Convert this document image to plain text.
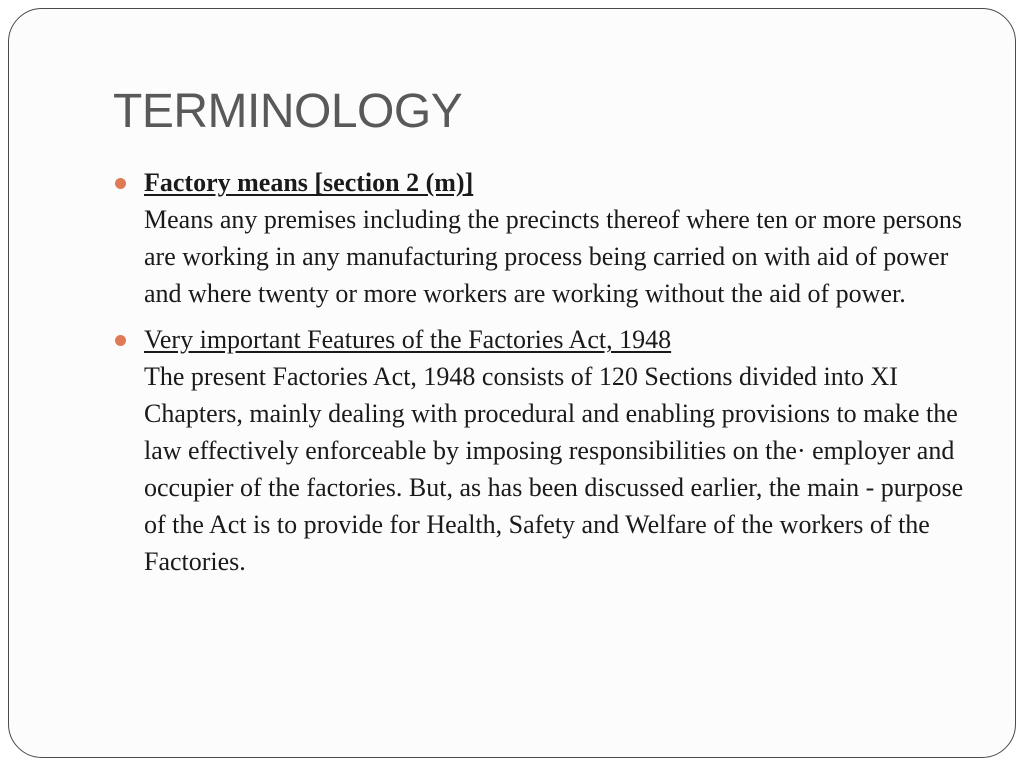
TERMINOLOGY
Factory means [section 2 (m)]
Means any premises including the precincts thereof where ten or more persons are working in any manufacturing process being carried on with aid of power and where twenty or more workers are working without the aid of power.
Very important Features of the Factories Act, 1948
The present Factories Act, 1948 consists of 120 Sections divided into XI Chapters, mainly dealing with procedural and enabling provisions to make the law effectively enforceable by imposing responsibilities on the· employer and occupier of the factories. But, as has been discussed earlier, the main - purpose of the Act is to provide for Health, Safety and Welfare of the workers of the Factories.
